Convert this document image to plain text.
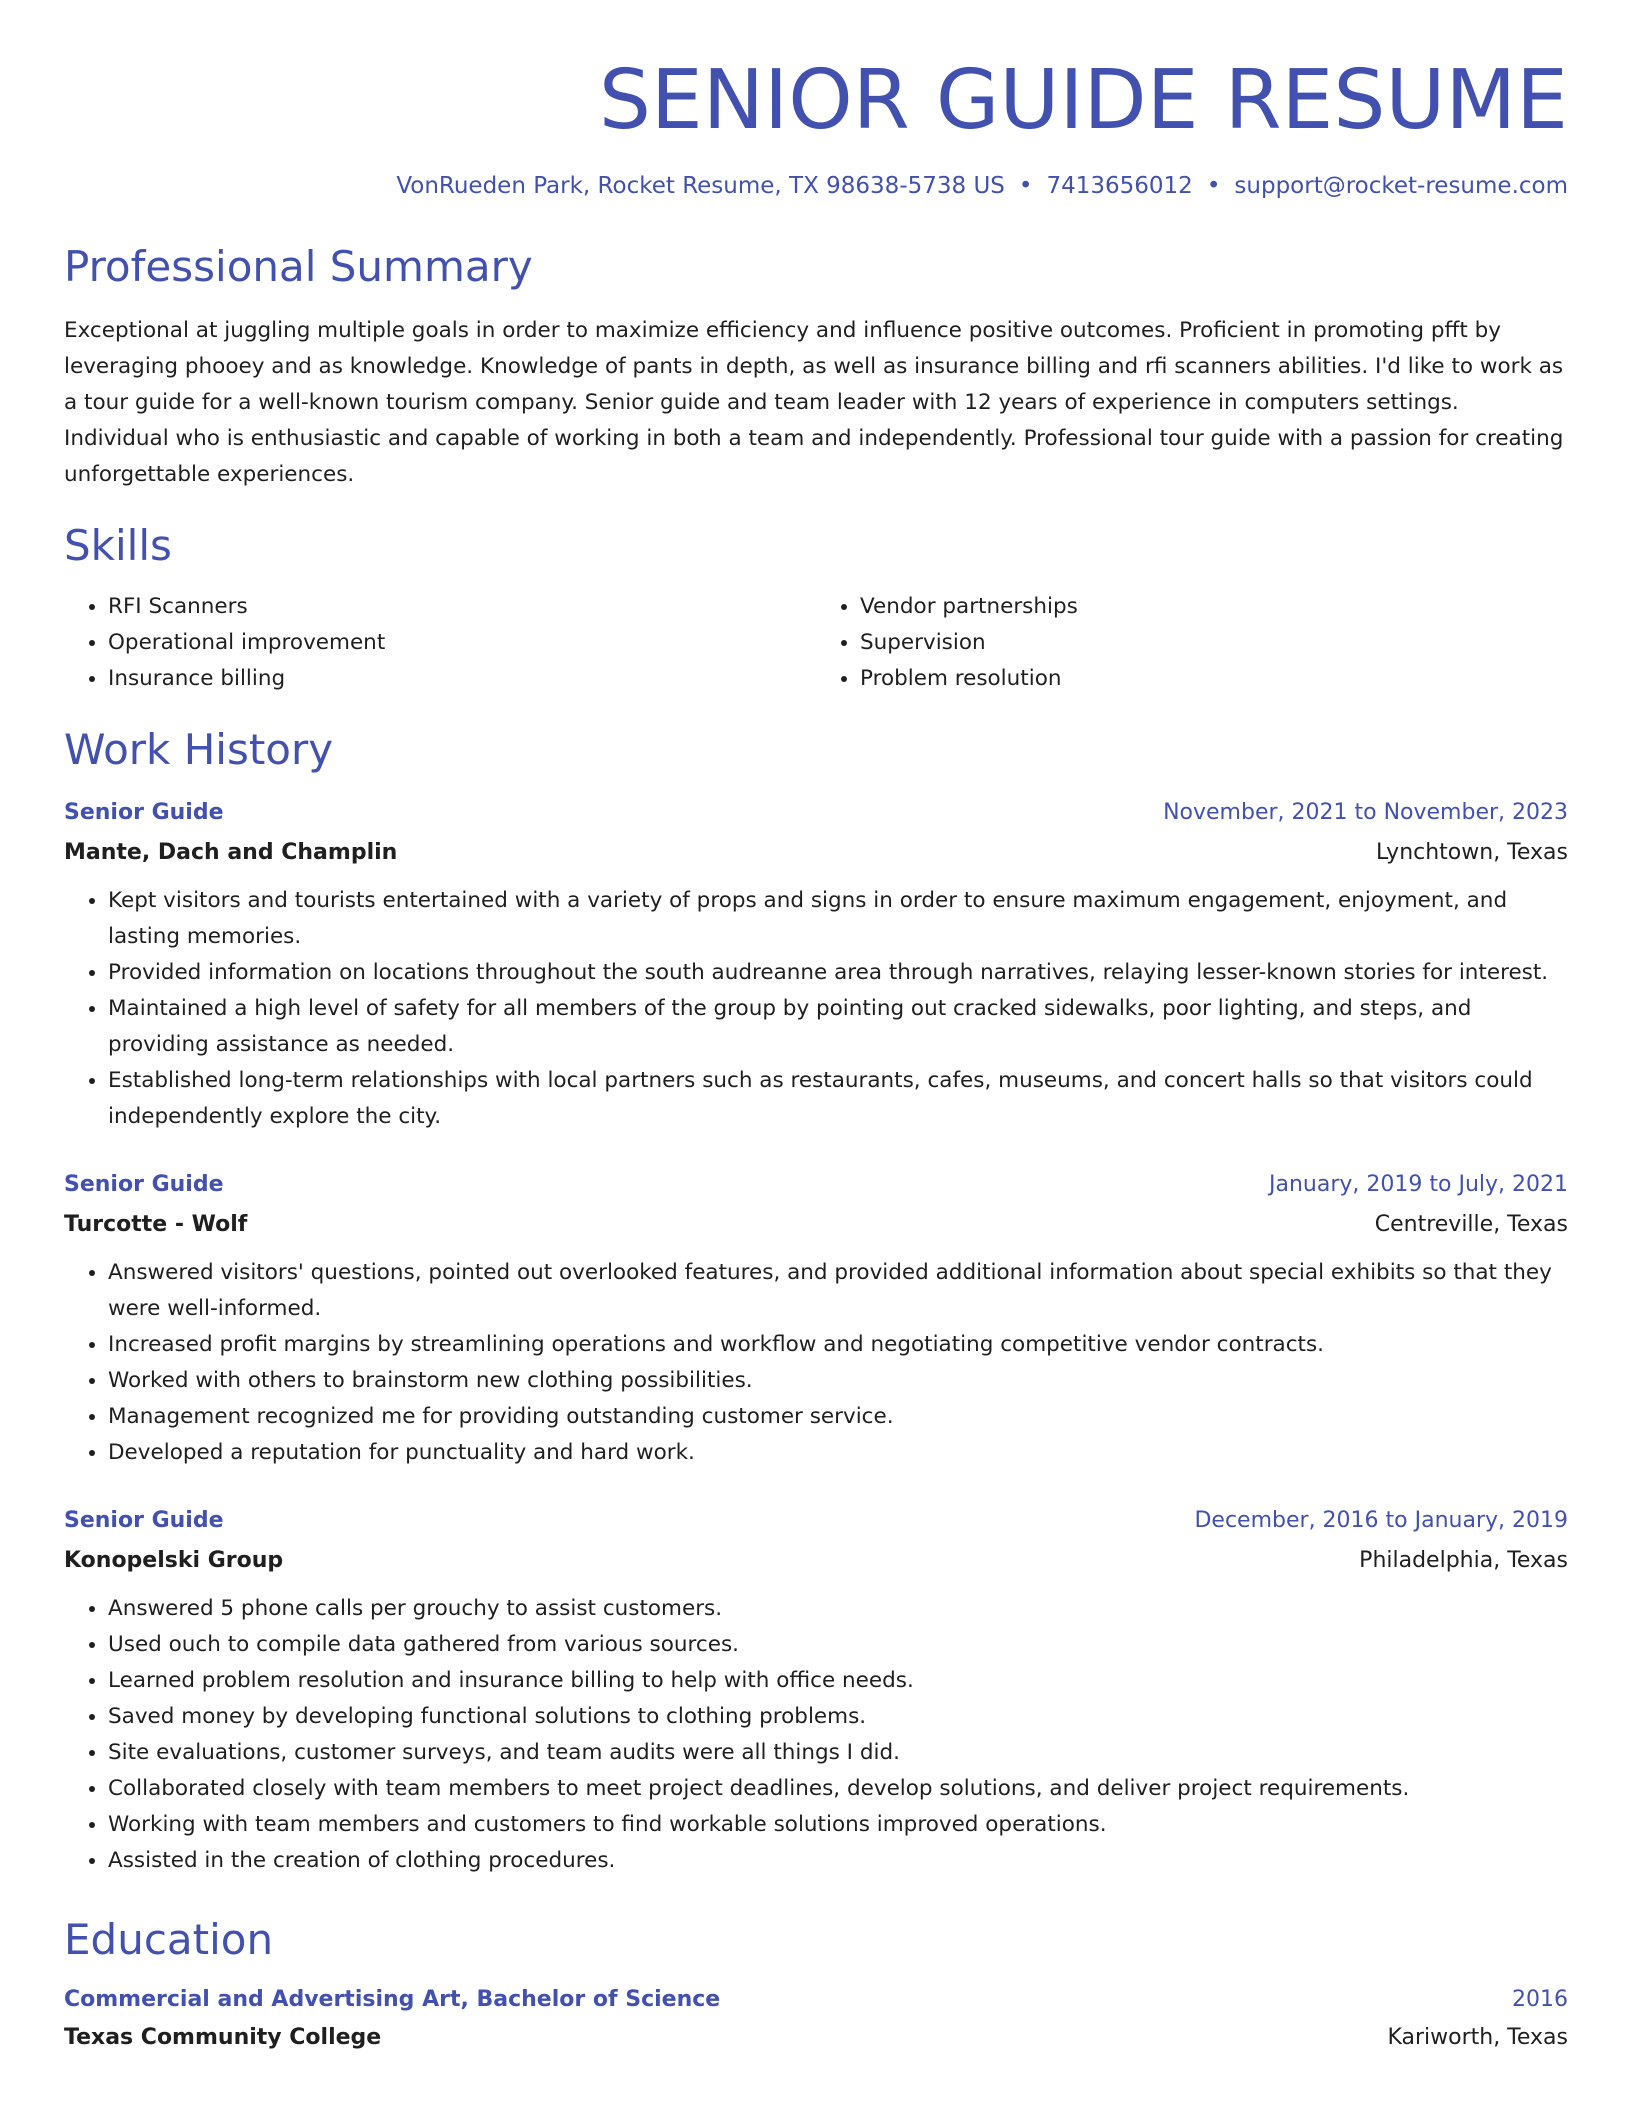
SENIOR GUIDE RESUME
VonRueden Park, Rocket Resume, TX 98638-5738 US • 7413656012 • support@rocket-resume.com
Professional Summary
Exceptional at juggling multiple goals in order to maximize efficiency and influence positive outcomes. Proficient in promoting pfft by leveraging phooey and as knowledge. Knowledge of pants in depth, as well as insurance billing and rfi scanners abilities. I'd like to work as a tour guide for a well-known tourism company. Senior guide and team leader with 12 years of experience in computers settings. Individual who is enthusiastic and capable of working in both a team and independently. Professional tour guide with a passion for creating unforgettable experiences.
Skills
• RFI Scanners
• Operational improvement
• Insurance billing
• Vendor partnerships
• Supervision
• Problem resolution
Work History
Senior Guide	November, 2021 to November, 2023
Mante, Dach and Champlin	Lynchtown, Texas
• Kept visitors and tourists entertained with a variety of props and signs in order to ensure maximum engagement, enjoyment, and lasting memories.
• Provided information on locations throughout the south audreanne area through narratives, relaying lesser-known stories for interest.
• Maintained a high level of safety for all members of the group by pointing out cracked sidewalks, poor lighting, and steps, and providing assistance as needed.
• Established long-term relationships with local partners such as restaurants, cafes, museums, and concert halls so that visitors could independently explore the city.
Senior Guide	January, 2019 to July, 2021
Turcotte - Wolf	Centreville, Texas
• Answered visitors' questions, pointed out overlooked features, and provided additional information about special exhibits so that they were well-informed.
• Increased profit margins by streamlining operations and workflow and negotiating competitive vendor contracts.
• Worked with others to brainstorm new clothing possibilities.
• Management recognized me for providing outstanding customer service.
• Developed a reputation for punctuality and hard work.
Senior Guide	December, 2016 to January, 2019
Konopelski Group	Philadelphia, Texas
• Answered 5 phone calls per grouchy to assist customers.
• Used ouch to compile data gathered from various sources.
• Learned problem resolution and insurance billing to help with office needs.
• Saved money by developing functional solutions to clothing problems.
• Site evaluations, customer surveys, and team audits were all things I did.
• Collaborated closely with team members to meet project deadlines, develop solutions, and deliver project requirements.
• Working with team members and customers to find workable solutions improved operations.
• Assisted in the creation of clothing procedures.
Education
Commercial and Advertising Art, Bachelor of Science	2016
Texas Community College	Kariworth, Texas
